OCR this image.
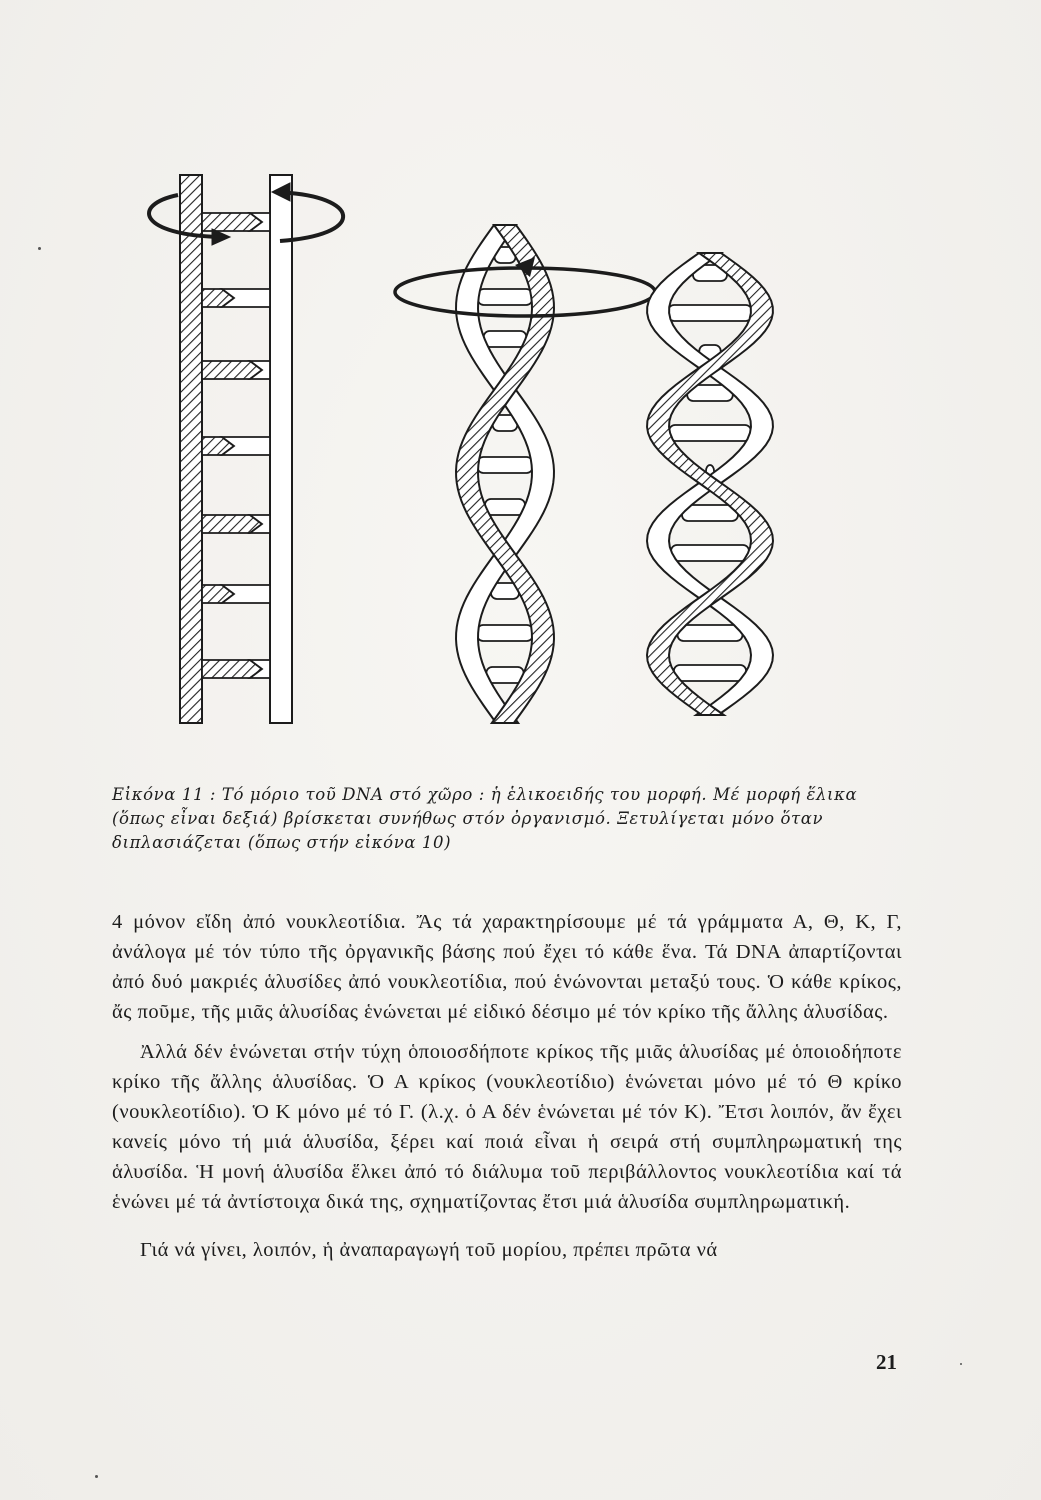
Εἰκόνα 11 : Τό μόριο τοῦ DNA στό χῶρο : ἡ ἑλικοειδής του μορφή. Μέ μορφή ἕλικα (ὅπως εἶναι δεξιά) βρίσκεται συνήθως στόν ὀργανισμό. Ξετυλίγεται μόνο ὅταν διπλασιάζεται (ὅπως στήν εἰκόνα 10)

4 μόνον εἴδη ἀπό νουκλεοτίδια. Ἄς τά χαρακτηρίσουμε μέ τά γράμματα Α, Θ, Κ, Γ, ἀνάλογα μέ τόν τύπο τῆς ὀργανικῆς βάσης πού ἔχει τό κάθε ἕνα. Τά DNA ἀπαρτίζονται ἀπό δυό μακριές ἁλυσίδες ἀπό νουκλεοτίδια, πού ἑνώνονται μεταξύ τους. Ὁ κάθε κρίκος, ἄς ποῦμε, τῆς μιᾶς ἁλυσίδας ἑνώνεται μέ εἰδικό δέσιμο μέ τόν κρίκο τῆς ἄλλης ἁλυσίδας.

Ἀλλά δέν ἑνώνεται στήν τύχη ὁποιοσδήποτε κρίκος τῆς μιᾶς ἁλυσίδας μέ ὁποιοδήποτε κρίκο τῆς ἄλλης ἁλυσίδας. Ὁ Α κρίκος (νουκλεοτίδιο) ἑνώνεται μόνο μέ τό Θ κρίκο (νουκλεοτίδιο). Ὁ Κ μόνο μέ τό Γ. (λ.χ. ὁ Α δέν ἑνώνεται μέ τόν Κ). Ἔτσι λοιπόν, ἄν ἔχει κανείς μόνο τή μιά ἁλυσίδα, ξέρει καί ποιά εἶναι ἡ σειρά στή συμπληρωματική της ἁλυσίδα. Ἡ μονή ἁλυσίδα ἕλκει ἀπό τό διάλυμα τοῦ περιβάλλοντος νουκλεοτίδια καί τά ἑνώνει μέ τά ἀντίστοιχα δικά της, σχηματίζοντας ἔτσι μιά ἁλυσίδα συμπληρωματική.

Γιά νά γίνει, λοιπόν, ἡ ἀναπαραγωγή τοῦ μορίου, πρέπει πρῶτα νά

21
